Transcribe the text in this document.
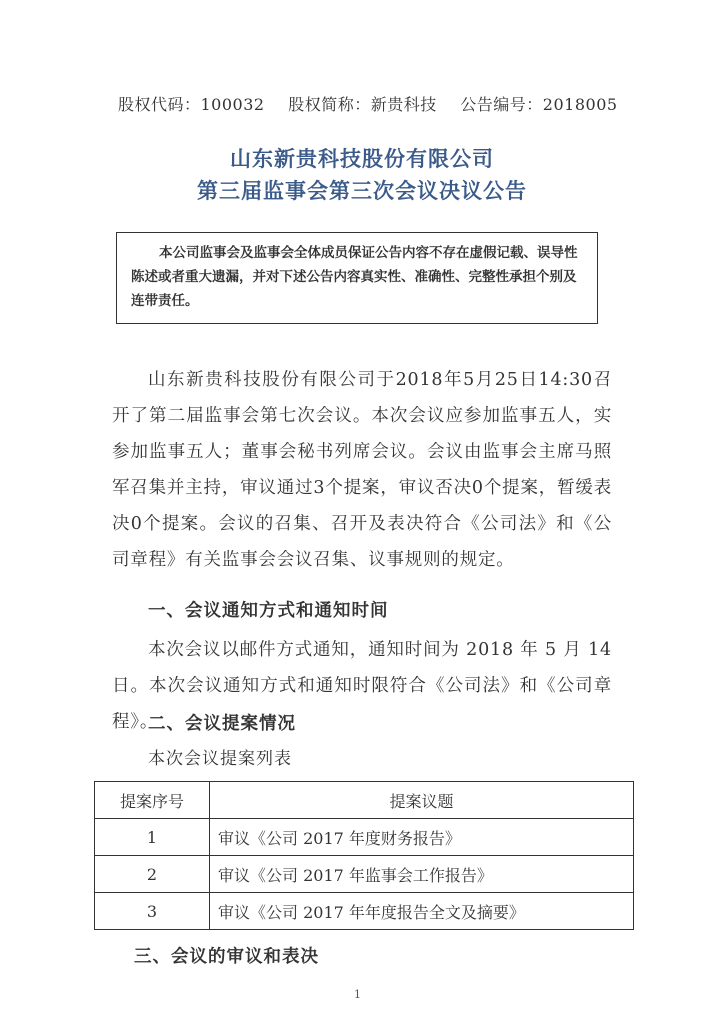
股权代码：100032 股权简称：新贵科技 公告编号：2018005
山东新贵科技股份有限公司
第三届监事会第三次会议决议公告
本公司监事会及监事会全体成员保证公告内容不存在虚假记载、误导性陈述或者重大遗漏，并对下述公告内容真实性、准确性、完整性承担个别及连带责任。
山东新贵科技股份有限公司于2018年5月25日14:30召开了第二届监事会第七次会议。本次会议应参加监事五人，实参加监事五人；董事会秘书列席会议。会议由监事会主席马照军召集并主持，审议通过3个提案，审议否决0个提案，暂缓表决0个提案。会议的召集、召开及表决符合《公司法》和《公司章程》有关监事会会议召集、议事规则的规定。
一、会议通知方式和通知时间
本次会议以邮件方式通知，通知时间为 2018 年 5 月 14 日。本次会议通知方式和通知时限符合《公司法》和《公司章程》。
二、会议提案情况
本次会议提案列表
提案序号	提案议题
1	审议《公司 2017 年度财务报告》
2	审议《公司 2017 年监事会工作报告》
3	审议《公司 2017 年年度报告全文及摘要》
三、会议的审议和表决
1
